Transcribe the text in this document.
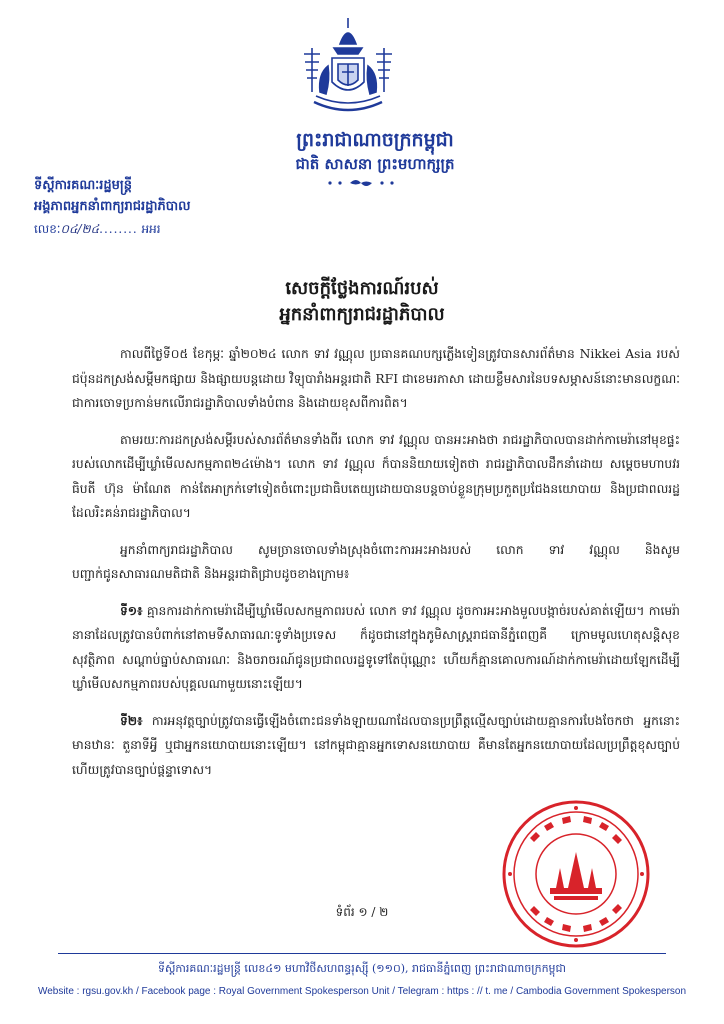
ព្រះរាជាណាចក្រកម្ពុជា
ជាតិ សាសនា ព្រះមហាក្សត្រ
ទីស្តីការគណៈរដ្ឋមន្ត្រី
អង្គភាពអ្នកនាំពាក្យរាជរដ្ឋាភិបាល
លេខៈ០៤/២៤........ អអរ
សេចក្តីថ្លែងការណ៍របស់
អ្នកនាំពាក្យរាជរដ្ឋាភិបាល

កាលពីថ្ងៃទី០៥ ខែកុម្ភៈ ឆ្នាំ២០២៤ លោក ទាវ វណ្ណុល ប្រធានគណបក្សភ្លើងទៀនត្រូវបានសារព័ត៌មាន Nikkei Asia របស់ជប៉ុនដកស្រង់សម្ដីមកផ្សាយ និងផ្សាយបន្តដោយ វិទ្យុបារាំងអន្តរជាតិ RFI ជាខេមរភាសា ដោយខ្លឹមសារនៃបទសម្ភាសន៍នោះមានលក្ខណៈជាការចោទប្រកាន់មកលើរាជរដ្ឋាភិបាលទាំងបំពាន និងដោយខុសពីការពិត។

តាមរយៈការដកស្រង់សម្ដីរបស់សារព័ត៌មានទាំងពីរ លោក ទាវ វណ្ណុល បានអះអាងថា រាជរដ្ឋាភិបាលបានដាក់កាមេរ៉ានៅមុខផ្ទះរបស់លោកដើម្បីឃ្លាំមើលសកម្មភាព២៤ម៉ោង។ លោក ទាវ វណ្ណុល ក៏បាននិយាយទៀតថា រាជរដ្ឋាភិបាលដឹកនាំដោយ សម្ដេចមហាបវរធិបតី ហ៊ុន ម៉ាណែត កាន់តែអាក្រក់ទៅទៀតចំពោះប្រជាធិបតេយ្យដោយបានបន្តចាប់ខ្លួនក្រុមប្រកួតប្រជែងនយោបាយ និងប្រជាពលរដ្ឋដែលរិះគន់រាជរដ្ឋាភិបាល។

អ្នកនាំពាក្យរាជរដ្ឋាភិបាល សូមច្រានចោលទាំងស្រុងចំពោះការអះអាងរបស់ លោក ទាវ វណ្ណុល និងសូមបញ្ជាក់ជូនសាធារណមតិជាតិ និងអន្តរជាតិជ្រាបដូចខាងក្រោម៖

ទី១៖ គ្មានការដាក់កាមេរ៉ាដើម្បីឃ្លាំមើលសកម្មភាពរបស់ លោក ទាវ វណ្ណុល ដូចការអះអាងមួលបង្កាច់របស់គាត់ឡើយ។ កាមេរ៉ានានាដែលត្រូវបានបំពាក់នៅតាមទីសាធារណៈទូទាំងប្រទេស ក៏ដូចជានៅក្នុងភូមិសាស្ត្ររាជធានីភ្នំពេញគឺ ក្រោមមូលហេតុសន្តិសុខ សុវត្ថិភាព សណ្តាប់ធ្នាប់សាធារណៈ និងចរាចរណ៍ជូនប្រជាពលរដ្ឋទូទៅតែប៉ុណ្ណោះ ហើយក៏គ្មានគោលការណ៍ដាក់កាមេរ៉ាដោយឡែកដើម្បីឃ្លាំមើលសកម្មភាពរបស់បុគ្គលណាមួយនោះឡើយ។

ទី២៖ ការអនុវត្តច្បាប់ត្រូវបានធ្វើឡើងចំពោះជនទាំងឡាយណាដែលបានប្រព្រឹត្តល្មើសច្បាប់ដោយគ្មានការបែងចែកថា អ្នកនោះមានឋានៈ តួនាទីអ្វី ឬជាអ្នកនយោបាយនោះឡើយ។ នៅកម្ពុជាគ្មានអ្នកទោសនយោបាយ គឺមានតែអ្នកនយោបាយដែលប្រព្រឹត្តខុសច្បាប់ហើយត្រូវបានច្បាប់ផ្តន្ទាទោស។

ទំព័រ ១ / ២
ទីស្តីការគណៈរដ្ឋមន្ត្រី លេខ៤១ មហាវិថីសហពន្ធរុស្ស៊ី (១១០), រាជធានីភ្នំពេញ ព្រះរាជាណាចក្រកម្ពុជា
Website : rgsu.gov.kh / Facebook page : Royal Government Spokesperson Unit / Telegram : https : // t. me / Cambodia Government Spokesperson
